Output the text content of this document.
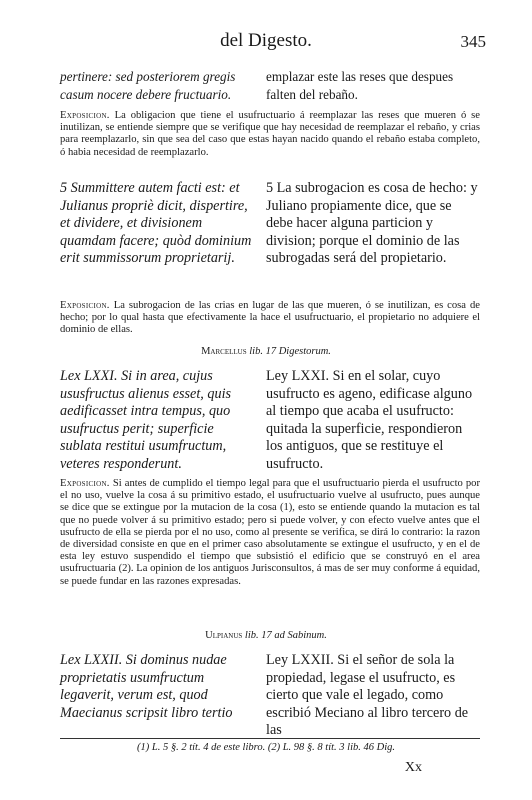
del Digesto.	345

pertinere: sed posteriorem gregis casum nocere debere fructuario.

emplazar este las reses que despues falten del rebaño.

Exposicion. La obligacion que tiene el usufructuario á reemplazar las reses que mueren ó se inutilizan, se entiende siempre que se verifique que hay necesidad de reemplazar el rebaño, y crias para reemplazarlo, sin que sea del caso que estas hayan nacido quando el rebaño estaba completo, ó habia necesidad de reemplazarlo.

5 Summittere autem facti est: et Julianus propriè dicit, dispertire, et dividere, et divisionem quamdam facere; quòd dominium erit summissorum proprietarij.

5 La subrogacion es cosa de hecho: y Juliano propiamente dice, que se debe hacer alguna particion y division; porque el dominio de las subrogadas será del propietario.

Exposicion. La subrogacion de las crias en lugar de las que mueren, ó se inutilizan, es cosa de hecho; por lo qual hasta que efectivamente la hace el usufructuario, el propietario no adquiere el dominio de ellas.
Marcellus lib. 17 Digestorum.

Lex LXXI. Si in area, cujus ususfructus alienus esset, quis aedificasset intra tempus, quo usufructus perit; superficie sublata restitui usumfructum, veteres responderunt.

Ley LXXI. Si en el solar, cuyo usufructo es ageno, edificase alguno al tiempo que acaba el usufructo: quitada la superficie, respondieron los antiguos, que se restituye el usufructo.

Exposicion. Si antes de cumplido el tiempo legal para que el usufructuario pierda el usufructo por el no uso, vuelve la cosa á su primitivo estado, el usufructuario vuelve al usufructo, pues aunque se dice que se extingue por la mutacion de la cosa (1), esto se entiende quando la mutacion es tal que no puede volver á su primitivo estado; pero si puede volver, y con efecto vuelve antes que el usufructo de ella se pierda por el no uso, como al presente se verifica, se dirá lo contrario: la razon de diversidad consiste en que en el primer caso absolutamente se extingue el usufructo, y en el de esta ley estuvo suspendido el tiempo que subsistió el edificio que se construyó en el area usufructuaria (2). La opinion de los antiguos Jurisconsultos, á mas de ser muy conforme á equidad, se puede fundar en las razones expresadas.
Ulpianus lib. 17 ad Sabinum.

Lex LXXII. Si dominus nudae proprietatis usumfructum legaverit, verum est, quod Maecianus scripsit libro tertio

Ley LXXII. Si el señor de sola la propiedad, legase el usufructo, es cierto que vale el legado, como escribió Meciano al libro tercero de las

(1) L. 5 §. 2 tít. 4 de este libro. (2) L. 98 §. 8 tít. 3 lib. 46 Dig.
Xx
